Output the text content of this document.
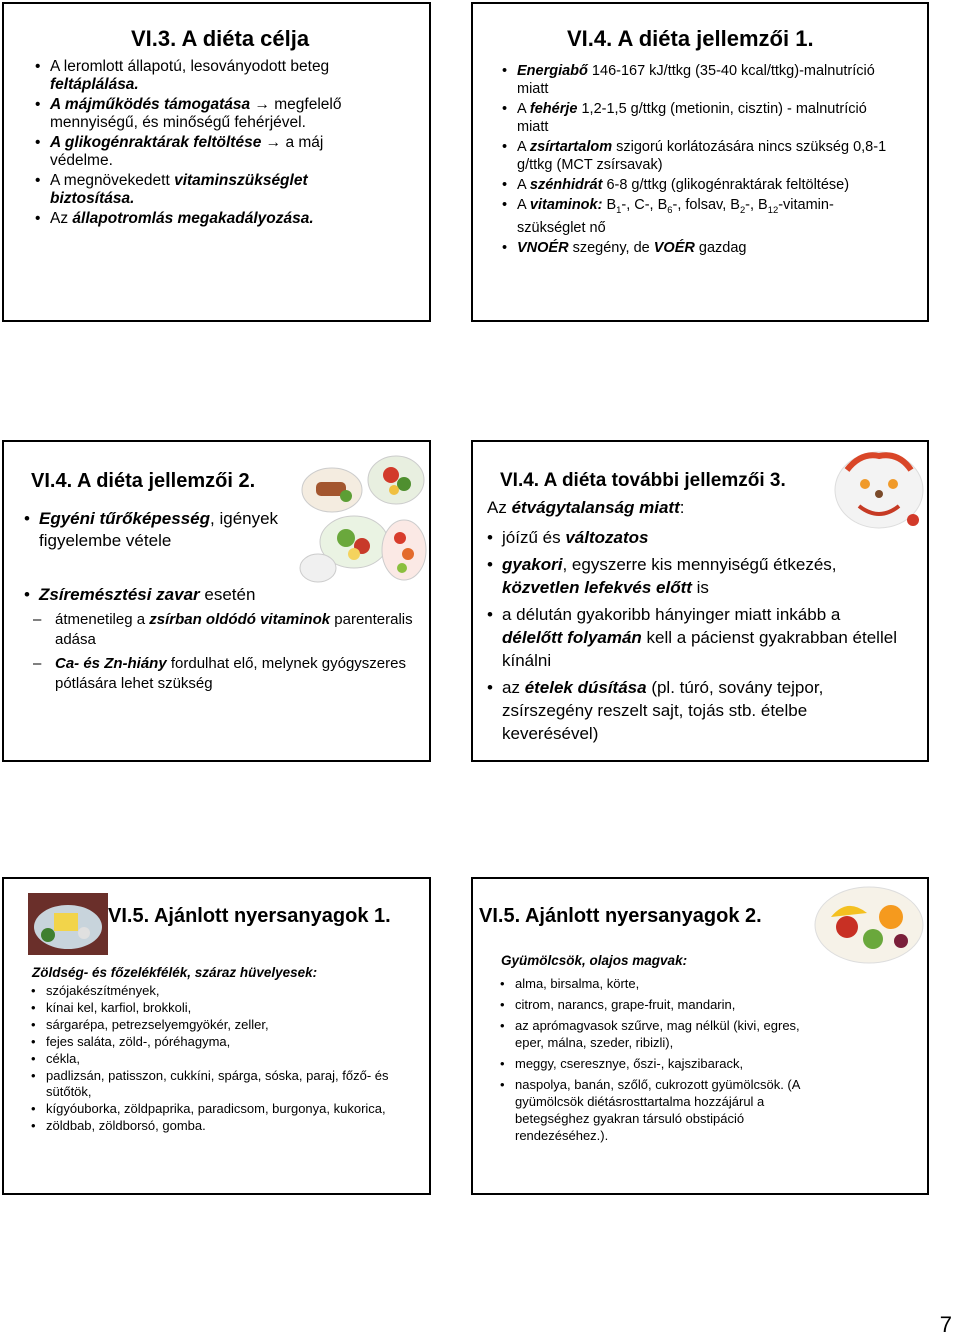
VI.3. A diéta célja
• A leromlott állapotú, lesoványodott beteg feltáplálása.
• A májműködés támogatása → megfelelő mennyiségű, és minőségű fehérjével.
• A glikogénraktárak feltöltése → a máj védelme.
• A megnövekedett vitaminszükséglet biztosítása.
• Az állapotromlás megakadályozása.
VI.4. A diéta jellemzői 1.
• Energiabő 146-167 kJ/ttkg (35-40 kcal/ttkg)-malnutríció miatt
• A fehérje 1,2-1,5 g/ttkg (metionin, cisztin) - malnutríció miatt
• A zsírtartalom szigorú korlátozására nincs szükség 0,8-1 g/ttkg (MCT zsírsavak)
• A szénhidrát 6-8 g/ttkg (glikogénraktárak feltöltése)
• A vitaminok: $B_1-$, C-, $B_6-$, folsav, $B_2-$, $B_{12}-vitamin$-szükséglet nő
• VNOÉR szegény, de VOÉR gazdag
VI.4. A diéta jellemzői 2.
• Egyéni tűrőképesség, igények figyelembe vétele
• Zsíremésztési zavar esetén
– átmenetileg a zsírban oldódó vitaminok parenteralis adása
– Ca- és Zn-hiány fordulhat elő, melynek gyógyszeres pótlására lehet szükség
VI.4. A diéta további jellemzői 3.

Az étvágytalanság miatt:

• jóízű és változatos
• gyakori, egyszerre kis mennyiségű étkezés, közvetlen lefekvés előtt is
• a délután gyakoribb hányinger miatt inkább a délelőtt folyamán kell a pácienst gyakrabban étellel kínálni
• az ételek dúsítása (pl. túró, sovány tejpor, zsírszegény reszelt sajt, tojás stb. ételbe keverésével)
VI.5. Ajánlott nyersanyagok 1.

Zöldség- és főzelékfélék, száraz hüvelyesek:

• szójakészítmények,
• kínai kel, karfiol, brokkoli,
• sárgarépa, petrezselyemgyökér, zeller,
• fejes saláta, zöld-, póréhagyma,
• cékla,
• padlizsán, patisszon, cukkíni, spárga, sóska, paraj, főző- és sütőtök,
• kígyóuborka, zöldpaprika, paradicsom, burgonya, kukorica,
• zöldbab, zöldborsó, gomba.
VI.5. Ajánlott nyersanyagok 2.

Gyümölcsök, olajos magvak:

• alma, birsalma, körte,
• citrom, narancs, grape-fruit, mandarin,
• az aprómagvasok szűrve, mag nélkül (kivi, egres, eper, málna, szeder, ribizli),
• meggy, cseresznye, őszi-, kajszibarack,
• naspolya, banán, szőlő, cukrozott gyümölcsök. (A gyümölcsök diétásrosttartalma hozzájárul a betegséghez gyakran társuló obstipáció rendezéséhez.).
7
